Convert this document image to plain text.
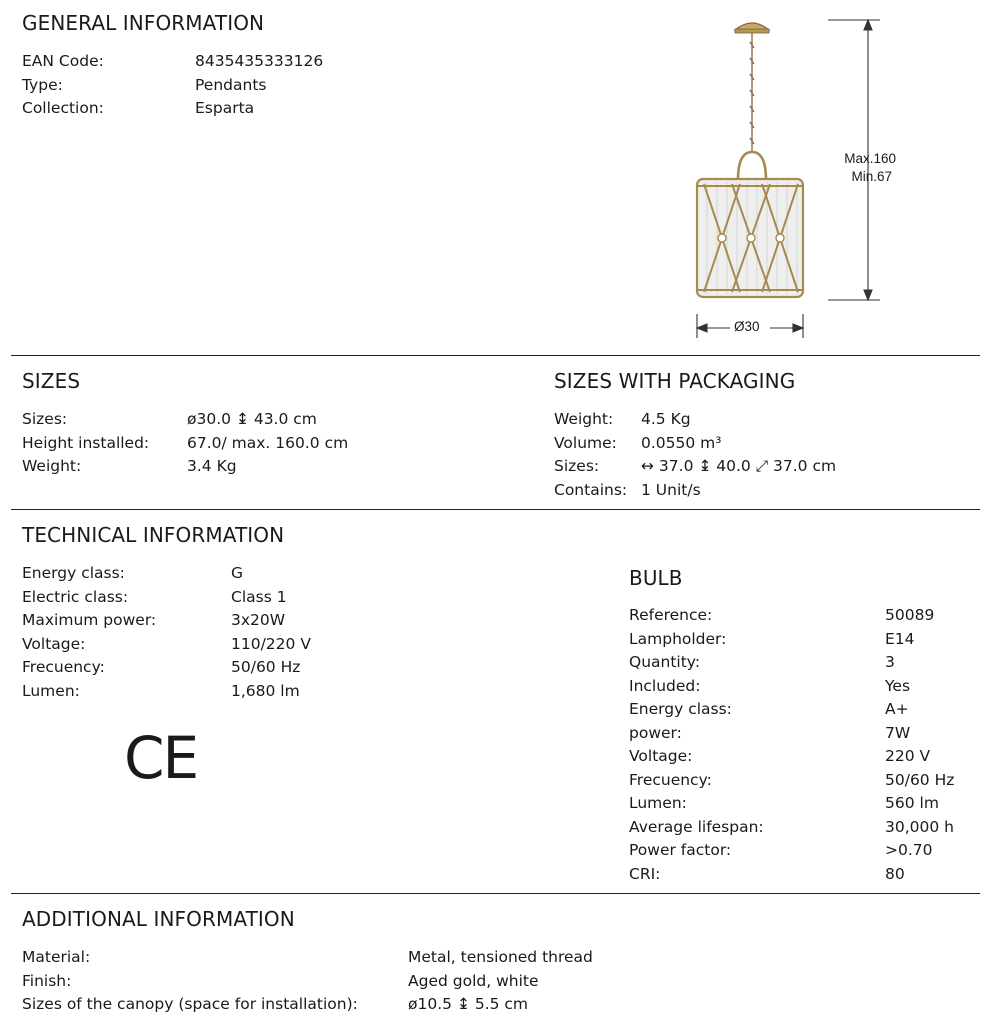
GENERAL INFORMATION
EAN Code:	8435435333126
Type:	Pendants
Collection:	Esparta
Max.160
Min.67
Ø30
SIZES
Sizes:	ø30.0 ↨ 43.0 cm
Height installed: 67.0/ max. 160.0 cm
Weight:	3.4 Kg
SIZES WITH PACKAGING
Weight: 4.5 Kg
Volume: 0.0550 m³
Sizes:	↔ 37.0 ↨ 40.0 ⤢ 37.0 cm
Contains: 1 Unit/s
TECHNICAL INFORMATION
Energy class:	G
Electric class:	Class 1
Maximum power:	3x20W
Voltage:	110/220 V
Frecuency:	50/60 Hz
Lumen:	1,680 lm
CE
BULB
Reference:	50089
Lampholder:	E14
Quantity:	3
Included:	Yes
Energy class:	A+
power:	7W
Voltage:	220 V
Frecuency:	50/60 Hz
Lumen:	560 lm
Average lifespan:	30,000 h
Power factor:	>0.70
CRI:	80
ADDITIONAL INFORMATION
Material:	Metal, tensioned thread
Finish:	Aged gold, white
Sizes of the canopy (space for installation):	ø10.5 ↨ 5.5 cm
